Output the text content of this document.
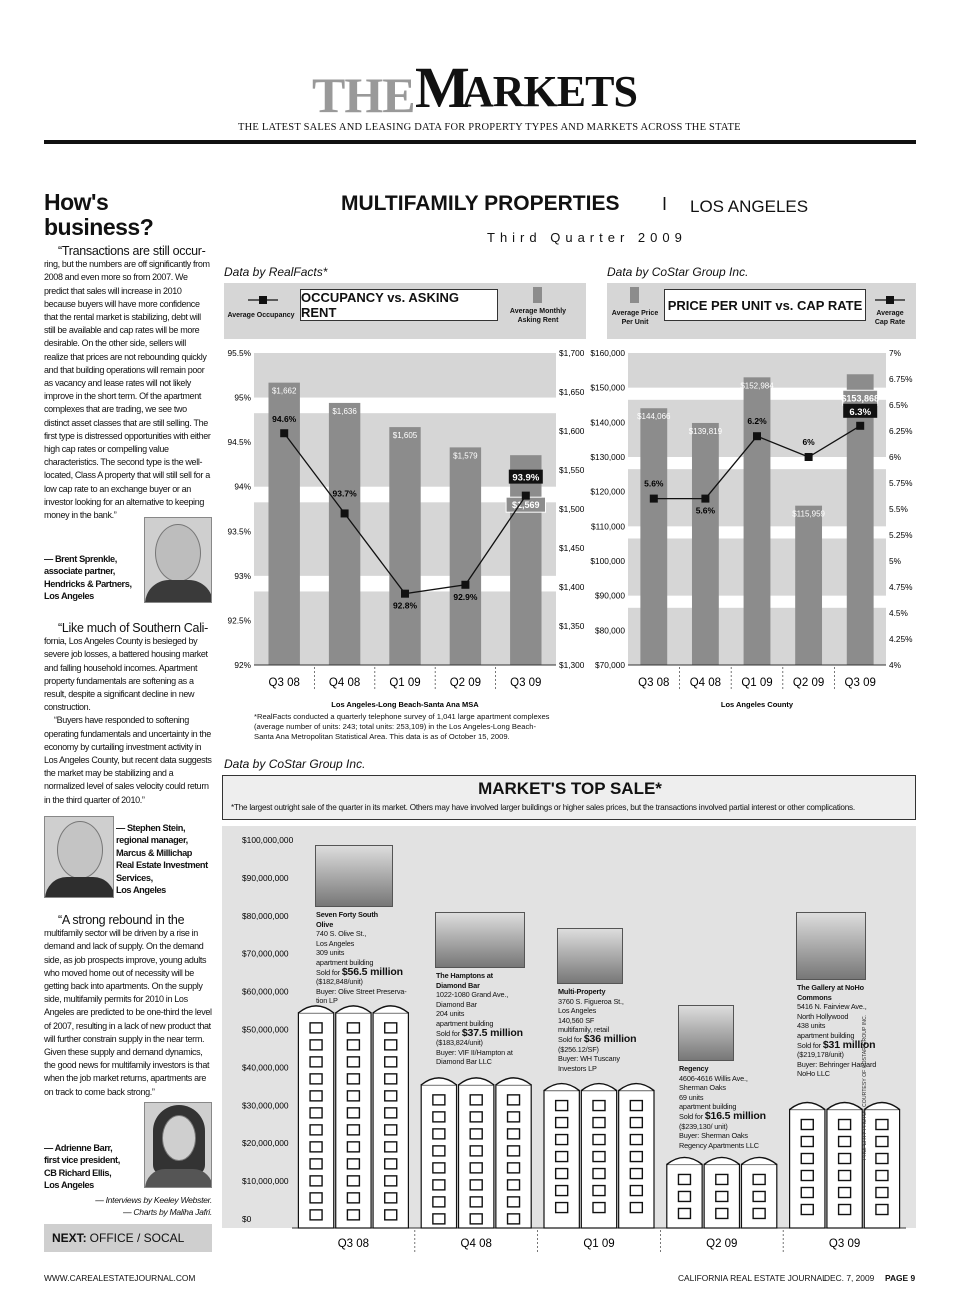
THE M
ARKETS
THE LATEST SALES AND LEASING DATA FOR PROPERTY TYPES AND MARKETS ACROSS THE STATE
How's business?
“Transactions are still occur-
ring, but the numbers are off significantly from 2008 and even more so from 2007. We predict that sales will increase in 2010 because buyers will have more confidence that the rental market is stabilizing, debt will still be available and cap rates will be more desirable. On the other side, sellers will realize that prices are not rebounding quickly and that building operations will remain poor as vacancy and lease rates will not likely improve in the short term. Of the apartment complexes that are trading, we see two distinct asset classes that are still selling. The first type is distressed opportunities with either high cap rates or compelling value characteristics. The second type is the well-located, Class A property that will still sell for a low cap rate to an exchange buyer or an investor looking for an alternative to keeping money in the bank.”
— Brent Sprenkle,
associate partner,
Hendricks & Partners,
Los Angeles
“Like much of Southern Cali-
fornia, Los Angeles County is besieged by severe job losses, a battered housing market and falling household incomes. Apartment property fundamentals are softening as a result, despite a significant decline in new construction.
“Buyers have responded to softening operating fundamentals and uncertainty in the economy by curtailing investment activity in Los Angeles County, but recent data suggests the market may be stabilizing and a normalized level of sales velocity could return in the third quarter of 2010.”
— Stephen Stein,
regional manager,
Marcus & Millichap
Real Estate Investment
Services,
Los Angeles
“A strong rebound in the
multifamily sector will be driven by a rise in demand and lack of supply. On the demand side, as job prospects improve, young adults who moved home out of necessity will be getting back into apartments. On the supply side, multifamily permits for 2010 in Los Angeles are predicted to be one-third the level of 2007, resulting in a lack of new product that will further constrain supply in the near term. Given these supply and demand dynamics, the good news for multifamily investors is that when the job market returns, apartments are on track to come back strong.”
— Adrienne Barr,
first vice president,
CB Richard Ellis,
Los Angeles
— Interviews by Keeley Webster.
— Charts by Maliha Jafri.
NEXT: OFFICE / SOCAL
MULTIFAMILY PROPERTIES I LOS ANGELES
Third Quarter 2009
Data by RealFacts*
Average Occupancy
OCCUPANCY vs. ASKING RENT	Average Monthly Asking Rent
95.5%
95%
94.5%
94%
93.5%
93%
92.5%
92%
$1,700
$1,650
$1,600
$1,550
$1,500
$1,450
$1,400
$1,350
$1,300
$1,662
Q3 08
$1,636
Q4 08
$1,605
Q1 09
$1,579
Q2 09
$1,569
Q3 09
94.6%
93.7%
92.8%
92.9%
93.9%
Los Angeles-Long Beach-Santa Ana MSA
*RealFacts conducted a quarterly telephone survey of 1,041 large apartment complexes (average number of units: 243; total units: 253,109) in the Los Angeles-Long Beach-Santa Ana Metropolitan Statistical Area. This data is as of October 15, 2009.
Data by CoStar Group Inc.
Average Price Per Unit
PRICE PER UNIT vs. CAP RATE
Average Cap Rate
$160,000
$150,000
$140,000
$130,000
$120,000
$110,000
$100,000
$90,000
$80,000
$70,000
7%
6.75%
6.5%
6.25%
6%
5.75%
5.5%
5.25%
5%
4.75%
4.5%
4.25%
4%
$144,066
Q3 08
$139,819
Q4 08
$152,984
Q1 09
$115,959
Q2 09
$153,868
Q3 09
5.6%
5.6%
6.2%
6%
6.3%
Los Angeles County
Data by CoStar Group Inc.
MARKET'S TOP SALE*
*The largest outright sale of the quarter in its market. Others may have involved larger buildings or higher sales prices, but the transactions involved partial interest or other complications.
$100,000,000
$90,000,000
$80,000,000
$70,000,000
$60,000,000
$50,000,000
$40,000,000
$30,000,000
$20,000,000
$10,000,000
$0
Q3 08	Q4 08	Q1 09	Q2 09	Q3 09
PROPERTY PHOTOS COURTESY OF COSTAR GROUP INC.
WWW.CAREALESTATEJOURNAL.COM	CALIFORNIA REAL ESTATE JOURNAL
DEC. 7, 2009 PAGE 9
Seven Forty South Olive
740 S. Olive St.,
Los Angeles
309 units
apartment building
Sold for $56.5 million
($182,848/unit)
Buyer: Olive Street Preserva-
tion LP
The Hamptons at Diamond Bar
1022-1080 Grand Ave.,
Diamond Bar
204 units
apartment building
Sold for $37.5 million
($183,824/unit)
Buyer: VIF II/Hampton at
Diamond Bar LLC
Multi-Property
3760 S. Figueroa St.,
Los Angeles
140,560 SF
multifamily, retail
Sold for $36 million
($256.12/SF)
Buyer: WH Tuscany
Investors LP	Regency
4606-4616 Willis Ave.,
Sherman Oaks
69 units
apartment building
Sold for $16.5 million
($239,130/ unit)
Buyer: Sherman Oaks
Regency Apartments LLC
The Gallery at NoHo Commons
5416 N. Fairview Ave.,
North Hollywood
438 units
apartment building
Sold for $31 million
($219,178/unit)
Buyer: Behringer Harvard
NoHo LLC
